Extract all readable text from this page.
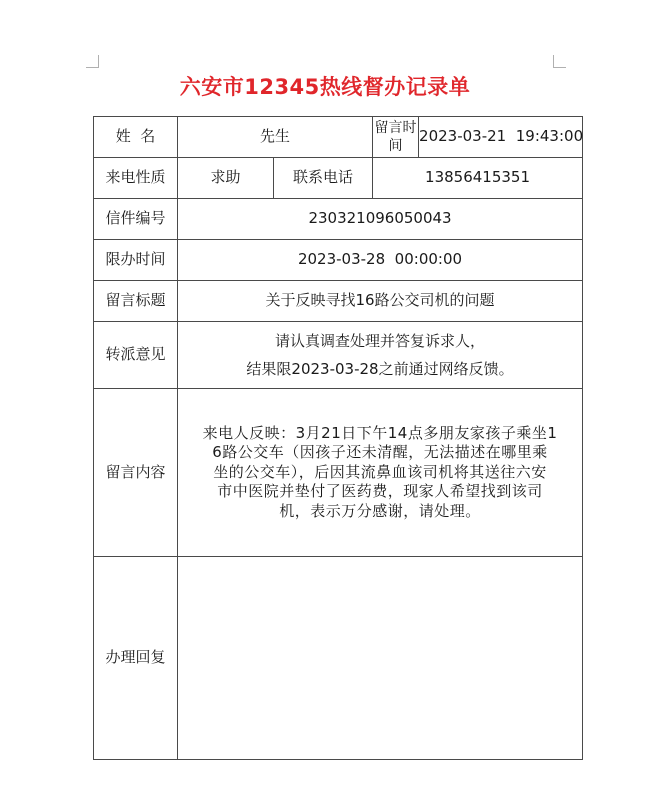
六安市12345热线督办记录单
姓  名	先生		留言时间	2023-03-21  19:43:00
来电性质	求助	联系电话	13856415351	
信件编号	230321096050043			
限办时间	2023-03-28  00:00:00			
留言标题	关于反映寻找16路公交司机的问题			
转派意见	请认真调查处理并答复诉求人，
结果限2023-03-28之前通过网络反馈。			

留言内容	来电人反映：3月21日下午14点多朋友家孩子乘坐1
6路公交车（因孩子还未清醒，无法描述在哪里乘
坐的公交车），后因其流鼻血该司机将其送往六安
市中医院并垫付了医药费，现家人希望找到该司
机，表示万分感谢，请处理。			

办理回复				
